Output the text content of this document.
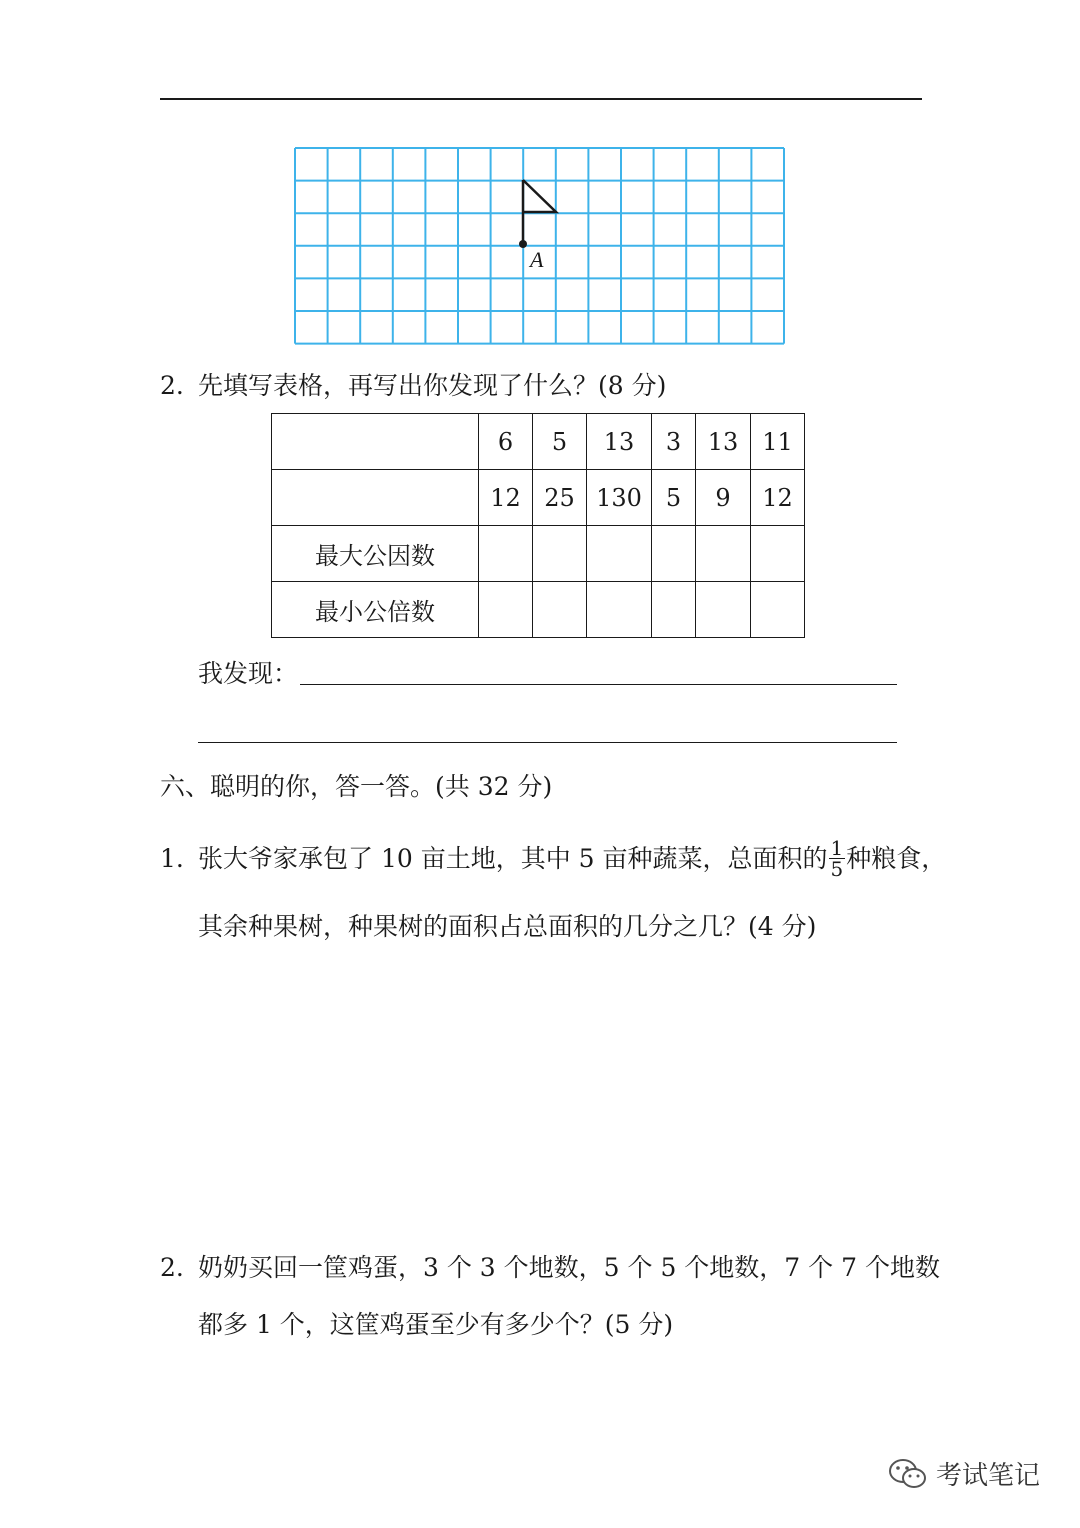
A
2. 先填写表格，再写出你发现了什么？(8 分)
	6	5	13	3	13	11
	12	25	130	5	9	12
最大公因数						
最小公倍数						
我发现：
六、聪明的你，答一答。(共 32 分)
1. 张大爷家承包了 10 亩土地，其中 5 亩种蔬菜，总面积的 $\frac{1}{5}$ 种粮食，
其余种果树，种果树的面积占总面积的几分之几？(4 分)
2. 奶奶买回一筐鸡蛋，3 个 3 个地数，5 个 5 个地数，7 个 7 个地数
都多 1 个，这筐鸡蛋至少有多少个？(5 分)
考试笔记
